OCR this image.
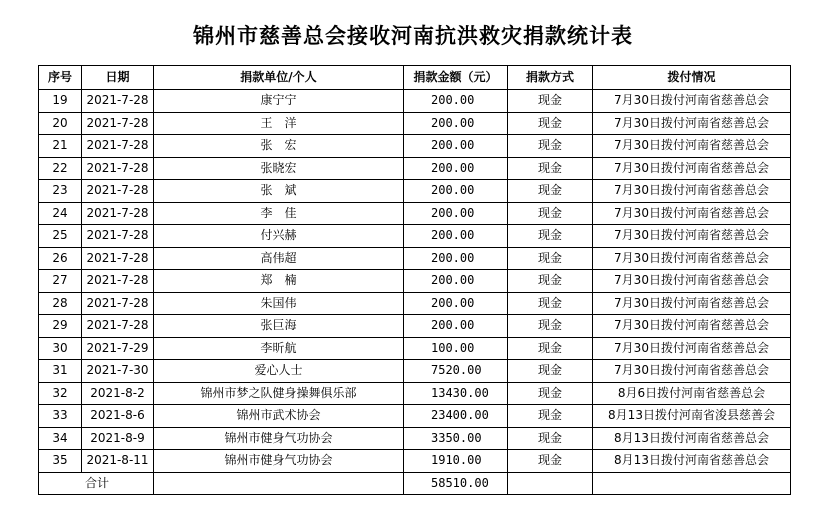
锦州市慈善总会接收河南抗洪救灾捐款统计表
序号	日期	捐款单位/个人	捐款金额（元）	捐款方式	拨付情况
19	2021-7-28	康宁宁	200.00	现金	7月30日拨付河南省慈善总会
20	2021-7-28	王　洋	200.00	现金	7月30日拨付河南省慈善总会
21	2021-7-28	张　宏	200.00	现金	7月30日拨付河南省慈善总会
22	2021-7-28	张晓宏	200.00	现金	7月30日拨付河南省慈善总会
23	2021-7-28	张　斌	200.00	现金	7月30日拨付河南省慈善总会
24	2021-7-28	李　佳	200.00	现金	7月30日拨付河南省慈善总会
25	2021-7-28	付兴赫	200.00	现金	7月30日拨付河南省慈善总会
26	2021-7-28	高伟超	200.00	现金	7月30日拨付河南省慈善总会
27	2021-7-28	郑　楠	200.00	现金	7月30日拨付河南省慈善总会
28	2021-7-28	朱国伟	200.00	现金	7月30日拨付河南省慈善总会
29	2021-7-28	张巨海	200.00	现金	7月30日拨付河南省慈善总会
30	2021-7-29	李昕航	100.00	现金	7月30日拨付河南省慈善总会
31	2021-7-30	爱心人士	7520.00	现金	7月30日拨付河南省慈善总会
32	2021-8-2	锦州市梦之队健身操舞俱乐部	13430.00	现金	8月6日拨付河南省慈善总会
33	2021-8-6	锦州市武术协会	23400.00	现金	8月13日拨付河南省浚县慈善会
34	2021-8-9	锦州市健身气功协会	3350.00	现金	8月13日拨付河南省慈善总会
35	2021-8-11	锦州市健身气功协会	1910.00	现金	8月13日拨付河南省慈善总会
合计			58510.00		
